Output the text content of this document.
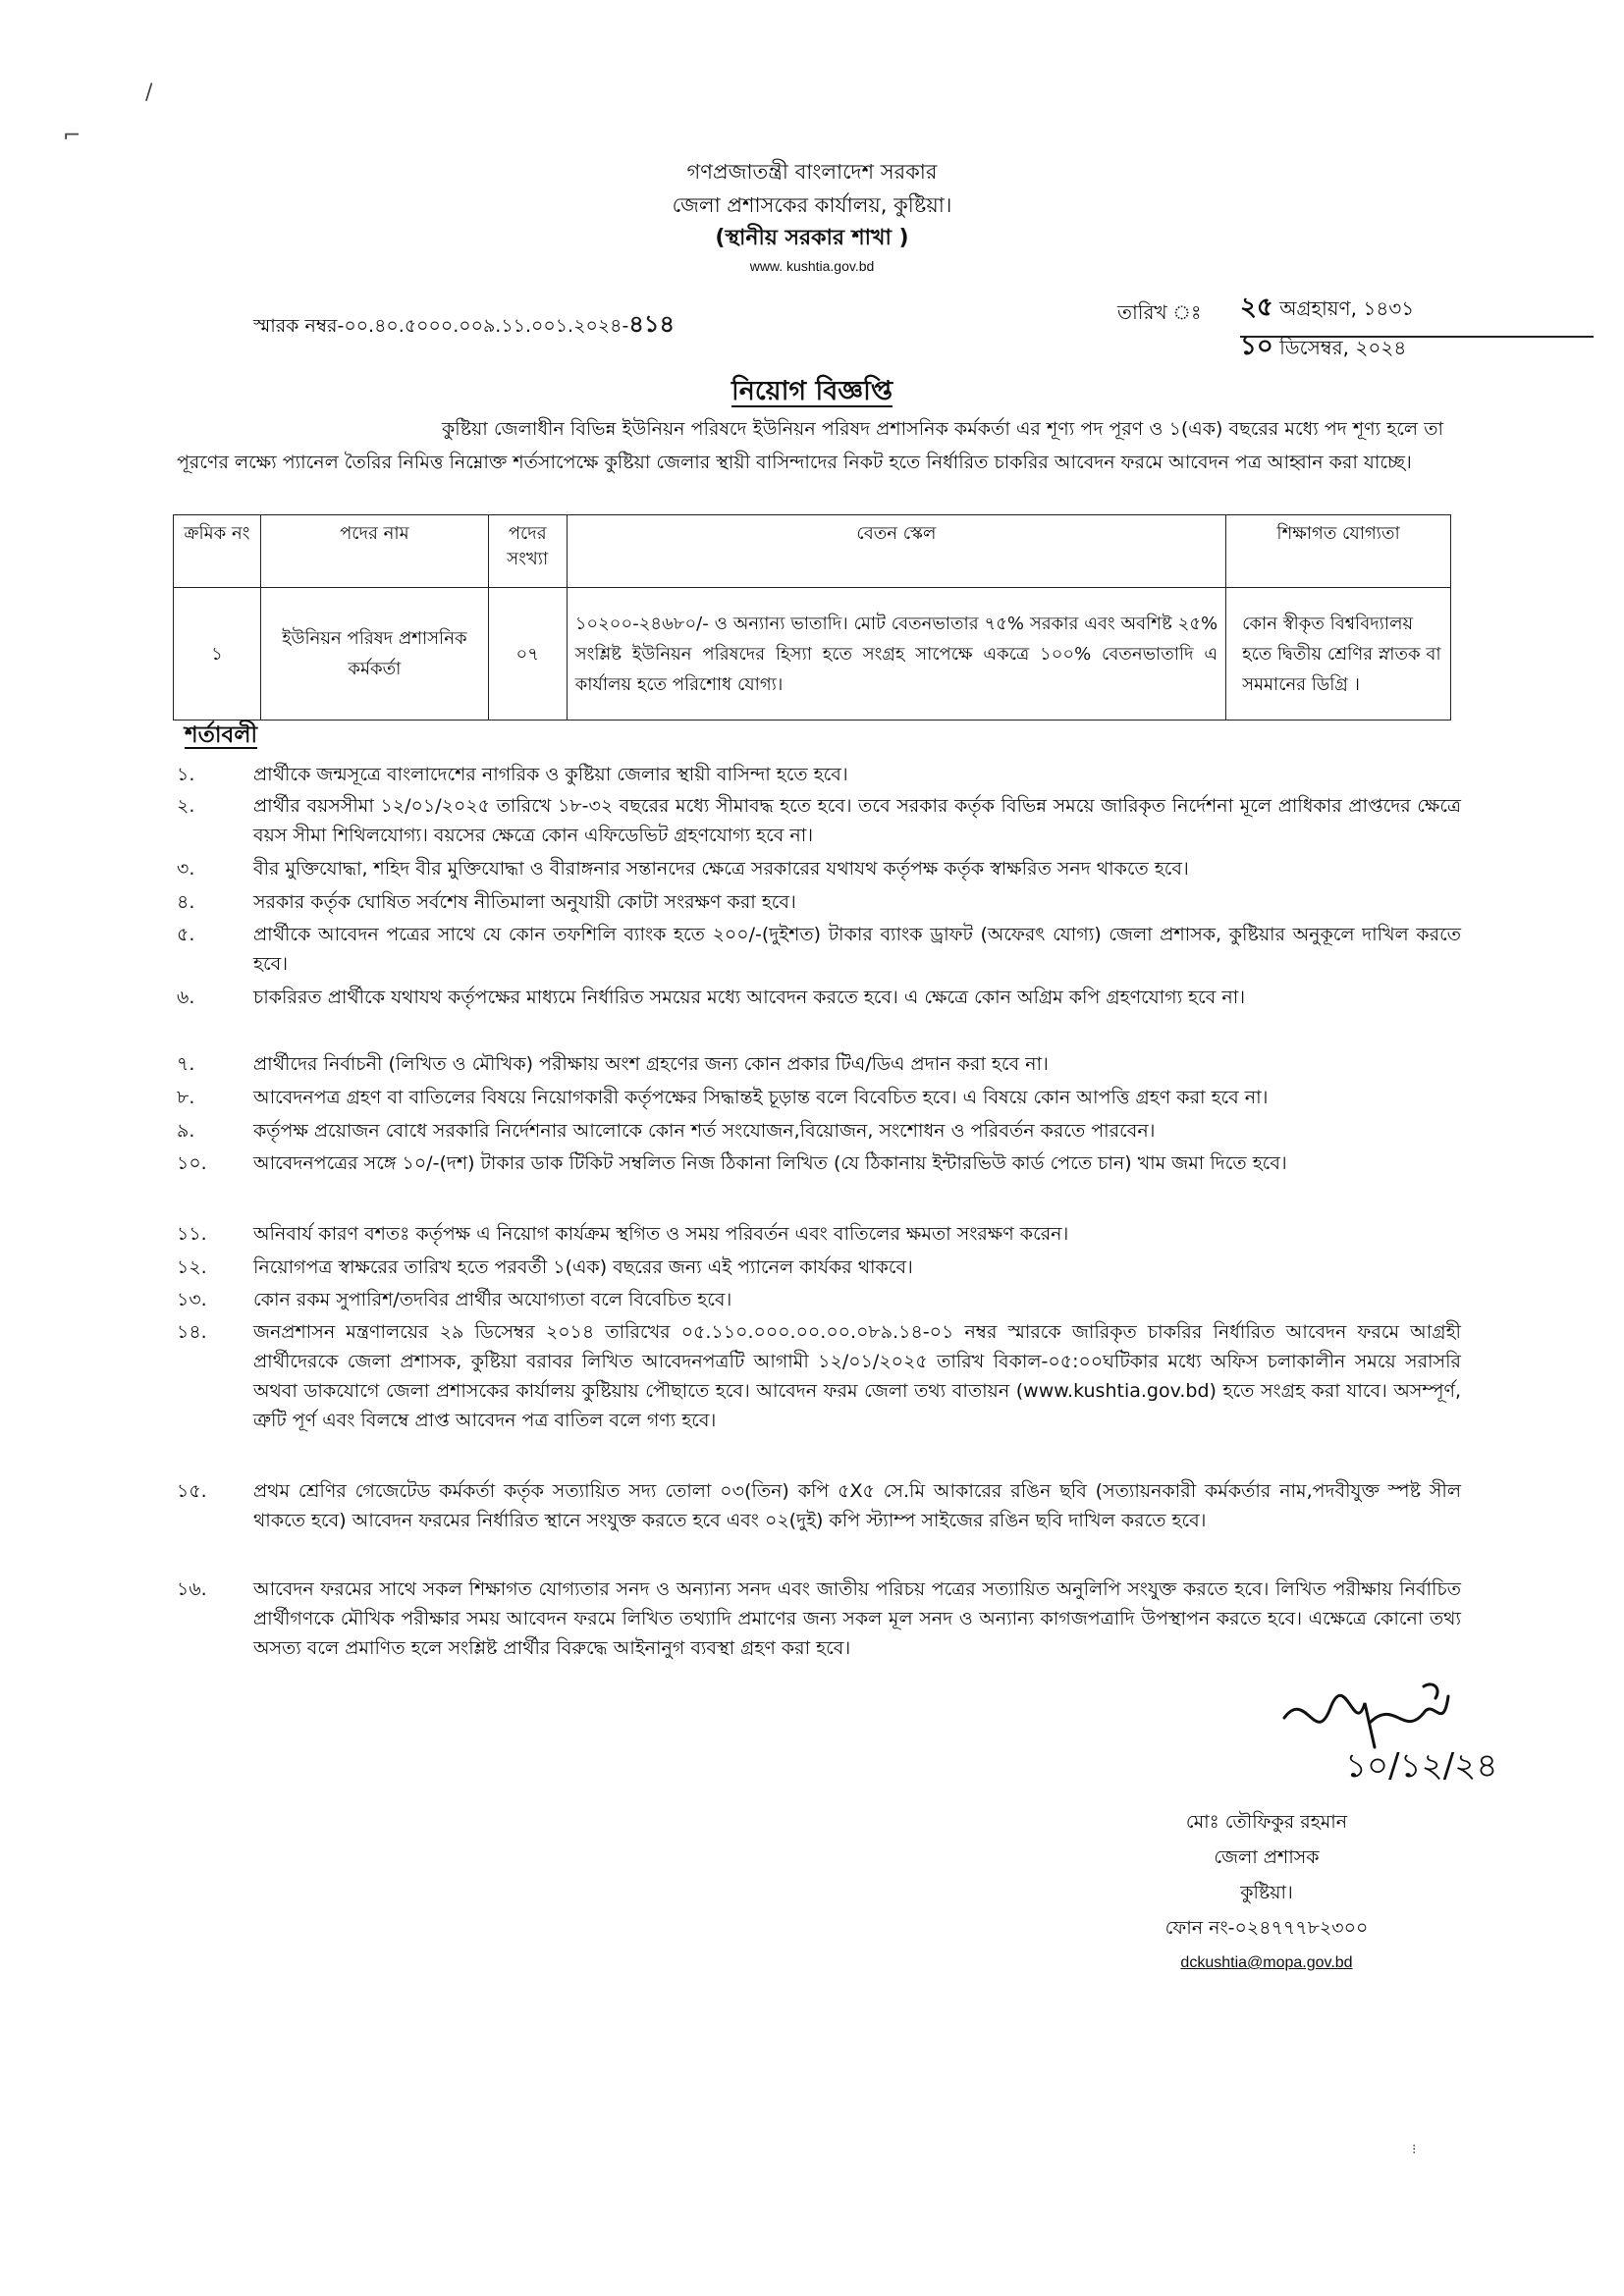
/
⌐
⁝
গণপ্রজাতন্ত্রী বাংলাদেশ সরকার
জেলা প্রশাসকের কার্যালয়, কুষ্টিয়া।
(স্থানীয় সরকার শাখা )
www. kushtia.gov.bd
স্মারক নম্বর-০০.৪০.৫০০০.০০৯.১১.০০১.২০২৪-৪১৪	তারিখ ঃ	২৫ অগ্রহায়ণ, ১৪৩১
১০ ডিসেম্বর, ২০২৪
নিয়োগ বিজ্ঞপ্তি
কুষ্টিয়া জেলাধীন বিভিন্ন ইউনিয়ন পরিষদে ইউনিয়ন পরিষদ প্রশাসনিক কর্মকর্তা এর শূণ্য পদ পূরণ ও ১(এক) বছরের মধ্যে পদ শূণ্য হলে তা পূরণের লক্ষ্যে প্যানেল তৈরির নিমিত্ত নিম্নোক্ত শর্তসাপেক্ষে কুষ্টিয়া জেলার স্থায়ী বাসিন্দাদের নিকট হতে নির্ধারিত চাকরির আবেদন ফরমে আবেদন পত্র আহ্বান করা যাচ্ছে।
ক্রমিক নং	পদের নাম	পদের সংখ্যা	বেতন স্কেল	শিক্ষাগত যোগ্যতা
১	ইউনিয়ন পরিষদ প্রশাসনিক কর্মকর্তা	০৭	১০২০০-২৪৬৮০/- ও অন্যান্য ভাতাদি। মোট বেতনভাতার ৭৫% সরকার এবং অবশিষ্ট ২৫% সংশ্লিষ্ট ইউনিয়ন পরিষদের হিস্যা হতে সংগ্রহ সাপেক্ষে একত্রে ১০০% বেতনভাতাদি এ কার্যালয় হতে পরিশোধ যোগ্য।	কোন স্বীকৃত বিশ্ববিদ্যালয় হতে দ্বিতীয় শ্রেণির স্নাতক বা সমমানের ডিগ্রি ।
শর্তাবলী
১.	প্রার্থীকে জন্মসূত্রে বাংলাদেশের নাগরিক ও কুষ্টিয়া জেলার স্থায়ী বাসিন্দা হতে হবে।
২.	প্রার্থীর বয়সসীমা ১২/০১/২০২৫ তারিখে ১৮-৩২ বছরের মধ্যে সীমাবদ্ধ হতে হবে। তবে সরকার কর্তৃক বিভিন্ন সময়ে জারিকৃত নির্দেশনা মূলে প্রাধিকার প্রাপ্তদের ক্ষেত্রে বয়স সীমা শিথিলযোগ্য। বয়সের ক্ষেত্রে কোন এফিডেভিট গ্রহণযোগ্য হবে না।
৩.	বীর মুক্তিযোদ্ধা, শহিদ বীর মুক্তিযোদ্ধা ও বীরাঙ্গনার সন্তানদের ক্ষেত্রে সরকারের যথাযথ কর্তৃপক্ষ কর্তৃক স্বাক্ষরিত সনদ থাকতে হবে।
৪.	সরকার কর্তৃক ঘোষিত সর্বশেষ নীতিমালা অনুযায়ী কোটা সংরক্ষণ করা হবে।
৫.	প্রার্থীকে আবেদন পত্রের সাথে যে কোন তফশিলি ব্যাংক হতে ২০০/-(দুইশত) টাকার ব্যাংক ড্রাফট (অফেরৎ যোগ্য) জেলা প্রশাসক, কুষ্টিয়ার অনুকূলে দাখিল করতে হবে।
৬.	চাকরিরত প্রার্থীকে যথাযথ কর্তৃপক্ষের মাধ্যমে নির্ধারিত সময়ের মধ্যে আবেদন করতে হবে। এ ক্ষেত্রে কোন অগ্রিম কপি গ্রহণযোগ্য হবে না।
৭.	প্রার্থীদের নির্বাচনী (লিখিত ও মৌখিক) পরীক্ষায় অংশ গ্রহণের জন্য কোন প্রকার টিএ/ডিএ প্রদান করা হবে না।
৮.	আবেদনপত্র গ্রহণ বা বাতিলের বিষয়ে নিয়োগকারী কর্তৃপক্ষের সিদ্ধান্তই চূড়ান্ত বলে বিবেচিত হবে। এ বিষয়ে কোন আপত্তি গ্রহণ করা হবে না।
৯.	কর্তৃপক্ষ প্রয়োজন বোধে সরকারি নির্দেশনার আলোকে কোন শর্ত সংযোজন,বিয়োজন, সংশোধন ও পরিবর্তন করতে পারবেন।
১০.	আবেদনপত্রের সঙ্গে ১০/-(দশ) টাকার ডাক টিকিট সম্বলিত নিজ ঠিকানা লিখিত (যে ঠিকানায় ইন্টারভিউ কার্ড পেতে চান) খাম জমা দিতে হবে।
১১.	অনিবার্য কারণ বশতঃ কর্তৃপক্ষ এ নিয়োগ কার্যক্রম স্থগিত ও সময় পরিবর্তন এবং বাতিলের ক্ষমতা সংরক্ষণ করেন।
১২.	নিয়োগপত্র স্বাক্ষরের তারিখ হতে পরবর্তী ১(এক) বছরের জন্য এই প্যানেল কার্যকর থাকবে।
১৩.	কোন রকম সুপারিশ/তদবির প্রার্থীর অযোগ্যতা বলে বিবেচিত হবে।
১৪.	জনপ্রশাসন মন্ত্রণালয়ের ২৯ ডিসেম্বর ২০১৪ তারিখের ০৫.১১০.০০০.০০.০০.০৮৯.১৪-০১ নম্বর স্মারকে জারিকৃত চাকরির নির্ধারিত আবেদন ফরমে আগ্রহী প্রার্থীদেরকে জেলা প্রশাসক, কুষ্টিয়া বরাবর লিখিত আবেদনপত্রটি আগামী ১২/০১/২০২৫ তারিখ বিকাল-০৫:০০ঘটিকার মধ্যে অফিস চলাকালীন সময়ে সরাসরি অথবা ডাকযোগে জেলা প্রশাসকের কার্যালয় কুষ্টিয়ায় পৌছাতে হবে। আবেদন ফরম জেলা তথ্য বাতায়ন (www.kushtia.gov.bd) হতে সংগ্রহ করা যাবে। অসম্পূর্ণ, ত্রুটি পূর্ণ এবং বিলম্বে প্রাপ্ত আবেদন পত্র বাতিল বলে গণ্য হবে।
১৫.	প্রথম শ্রেণির গেজেটেড কর্মকর্তা কর্তৃক সত্যায়িত সদ্য তোলা ০৩(তিন) কপি ৫X৫ সে.মি আকারের রঙিন ছবি (সত্যায়নকারী কর্মকর্তার নাম,পদবীযুক্ত স্পষ্ট সীল থাকতে হবে) আবেদন ফরমের নির্ধারিত স্থানে সংযুক্ত করতে হবে এবং ০২(দুই) কপি স্ট্যাম্প সাইজের রঙিন ছবি দাখিল করতে হবে।
১৬.	আবেদন ফরমের সাথে সকল শিক্ষাগত যোগ্যতার সনদ ও অন্যান্য সনদ এবং জাতীয় পরিচয় পত্রের সত্যায়িত অনুলিপি সংযুক্ত করতে হবে। লিখিত পরীক্ষায় নির্বাচিত প্রার্থীগণকে মৌখিক পরীক্ষার সময় আবেদন ফরমে লিখিত তথ্যাদি প্রমাণের জন্য সকল মূল সনদ ও অন্যান্য কাগজপত্রাদি উপস্থাপন করতে হবে। এক্ষেত্রে কোনো তথ্য অসত্য বলে প্রমাণিত হলে সংশ্লিষ্ট প্রার্থীর বিরুদ্ধে আইনানুগ ব্যবস্থা গ্রহণ করা হবে।
১০/১২/২৪
মোঃ তৌফিকুর রহমান
জেলা প্রশাসক
কুষ্টিয়া।
ফোন নং-০২৪৭৭৭৮২৩০০
dckushtia@mopa.gov.bd
